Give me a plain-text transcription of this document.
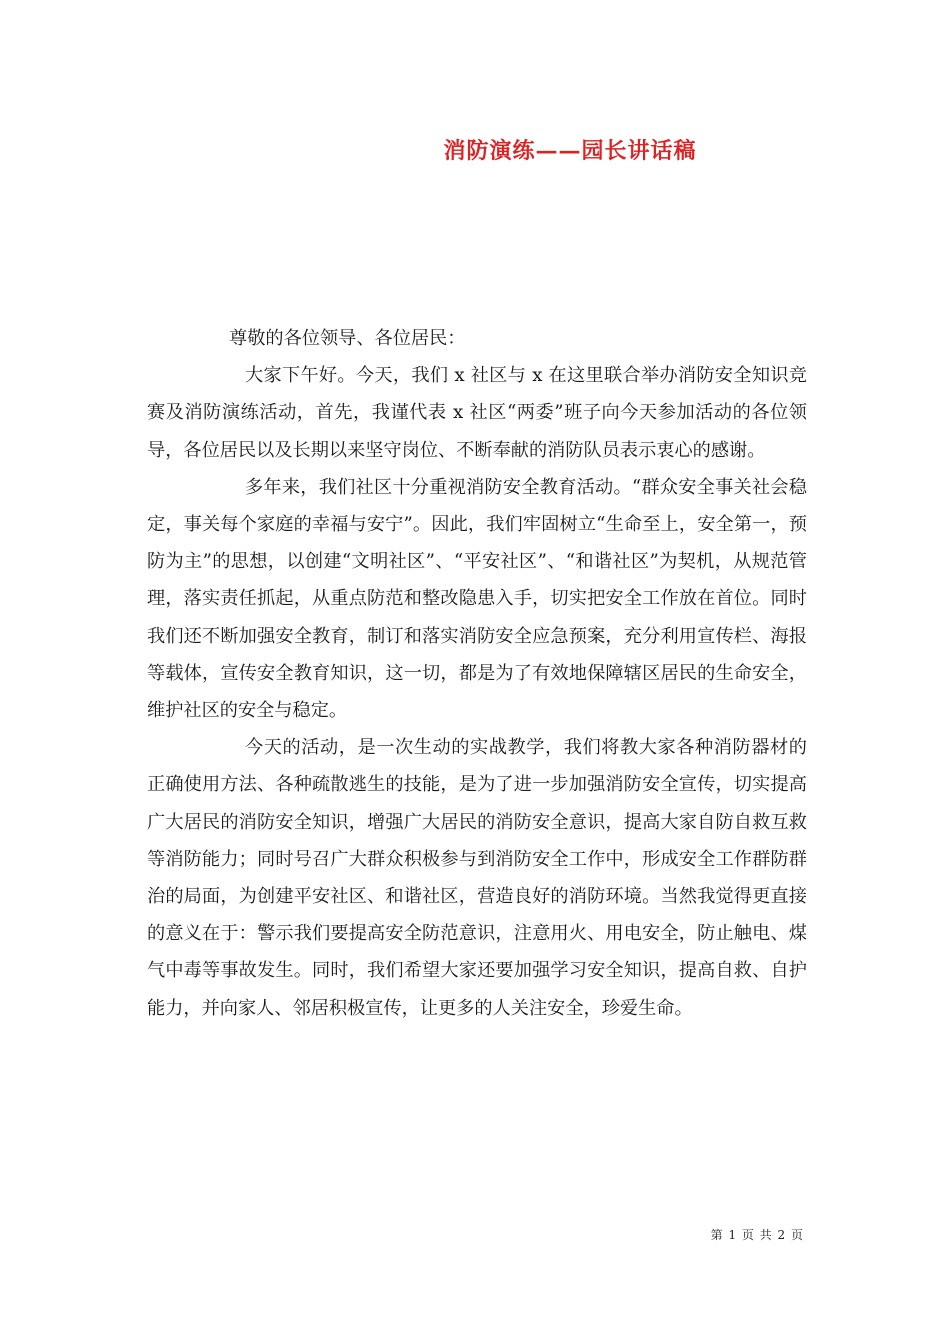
消防演练——园长讲话稿

尊敬的各位领导、各位居民：

大家下午好。今天，我们 x 社区与 x 在这里联合举办消防安全知识竞赛及消防演练活动，首先，我谨代表 x 社区“两委”班子向今天参加活动的各位领导，各位居民以及长期以来坚守岗位、不断奉献的消防队员表示衷心的感谢。

多年来，我们社区十分重视消防安全教育活动。“群众安全事关社会稳定，事关每个家庭的幸福与安宁”。因此，我们牢固树立“生命至上，安全第一，预防为主”的思想，以创建“文明社区”、“平安社区”、“和谐社区”为契机，从规范管理，落实责任抓起，从重点防范和整改隐患入手，切实把安全工作放在首位。同时我们还不断加强安全教育，制订和落实消防安全应急预案，充分利用宣传栏、海报等载体，宣传安全教育知识，这一切，都是为了有效地保障辖区居民的生命安全，维护社区的安全与稳定。

今天的活动，是一次生动的实战教学，我们将教大家各种消防器材的正确使用方法、各种疏散逃生的技能，是为了进一步加强消防安全宣传，切实提高广大居民的消防安全知识，增强广大居民的消防安全意识，提高大家自防自救互救等消防能力；同时号召广大群众积极参与到消防安全工作中，形成安全工作群防群治的局面，为创建平安社区、和谐社区，营造良好的消防环境。当然我觉得更直接的意义在于：警示我们要提高安全防范意识，注意用火、用电安全，防止触电、煤气中毒等事故发生。同时，我们希望大家还要加强学习安全知识，提高自救、自护能力，并向家人、邻居积极宣传，让更多的人关注安全，珍爱生命。

第 1 页 共 2 页
